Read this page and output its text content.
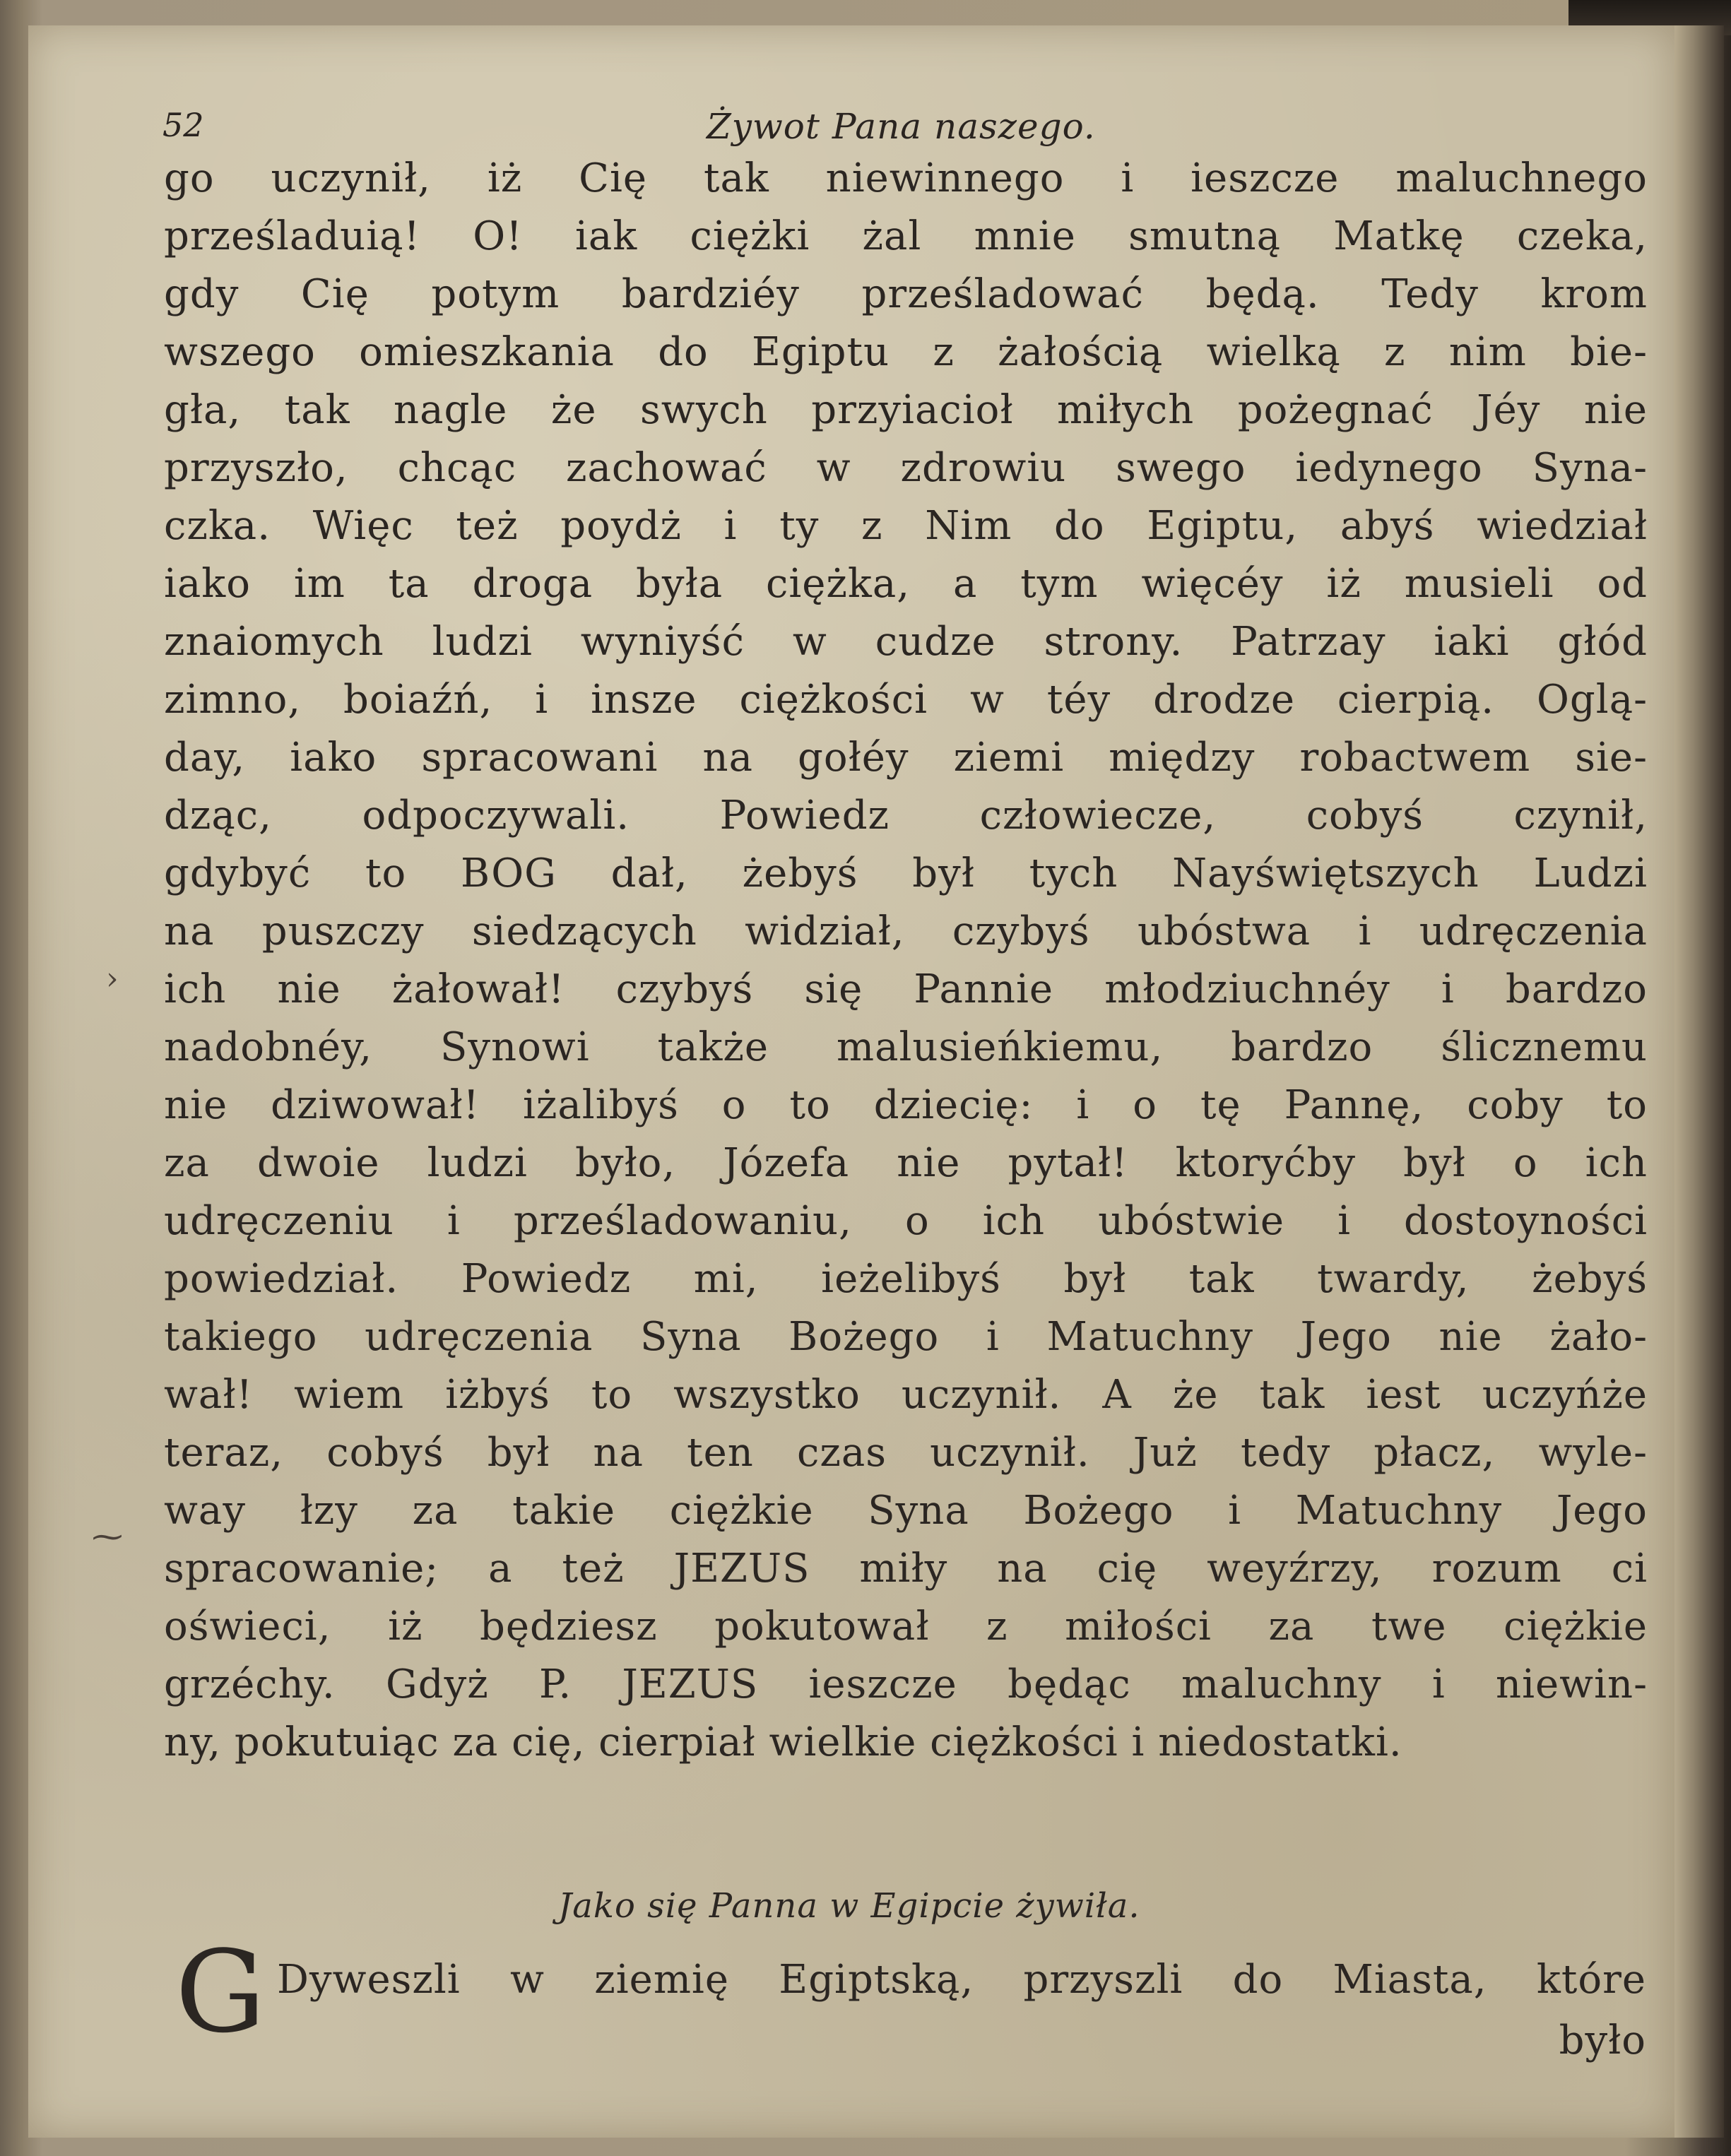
52	Żywot Pana naszego.
go uczynił, iż Cię tak niewinnego i ieszcze maluchnego
prześladuią! O! iak ciężki żal mnie smutną Matkę czeka,
gdy Cię potym bardziéy prześladować będą. Tedy krom
wszego omieszkania do Egiptu z żałością wielką z nim bie-
gła, tak nagle że swych przyiacioł miłych pożegnać Jéy nie
przyszło, chcąc zachować w zdrowiu swego iedynego Syna-
czka. Więc też poydż i ty z Nim do Egiptu, abyś wiedział
iako im ta droga była ciężka, a tym więcéy iż musieli od
znaiomych ludzi wyniyść w cudze strony. Patrzay iaki głód
zimno, boiaźń, i insze ciężkości w téy drodze cierpią. Oglą-
day, iako spracowani na gołéy ziemi między robactwem sie-
dząc, odpoczywali. Powiedz człowiecze, cobyś czynił,
gdybyć to BOG dał, żebyś był tych Nayświętszych Ludzi
na puszczy siedzących widział, czybyś ubóstwa i udręczenia
ich nie żałował! czybyś się Pannie młodziuchnéy i bardzo
nadobnéy, Synowi także malusieńkiemu, bardzo ślicznemu
nie dziwował! iżalibyś o to dziecię: i o tę Pannę, coby to
za dwoie ludzi było, Józefa nie pytał! ktoryćby był o ich
udręczeniu i prześladowaniu, o ich ubóstwie i dostoyności
powiedział. Powiedz mi, ieżelibyś był tak twardy, żebyś
takiego udręczenia Syna Bożego i Matuchny Jego nie żało-
wał! wiem iżbyś to wszystko uczynił. A że tak iest uczyńże
teraz, cobyś był na ten czas uczynił. Już tedy płacz, wyle-
way łzy za takie ciężkie Syna Bożego i Matuchny Jego
spracowanie; a też JEZUS miły na cię weyźrzy, rozum ci
oświeci, iż będziesz pokutował z miłości za twe ciężkie
grzéchy. Gdyż P. JEZUS ieszcze będąc maluchny i niewin-
ny, pokutuiąc za cię, cierpiał wielkie ciężkości i niedostatki.
Jako się Panna w Egipcie żywiła.
G Dyweszli w ziemię Egiptską, przyszli do Miasta, które
było
›
⁓
